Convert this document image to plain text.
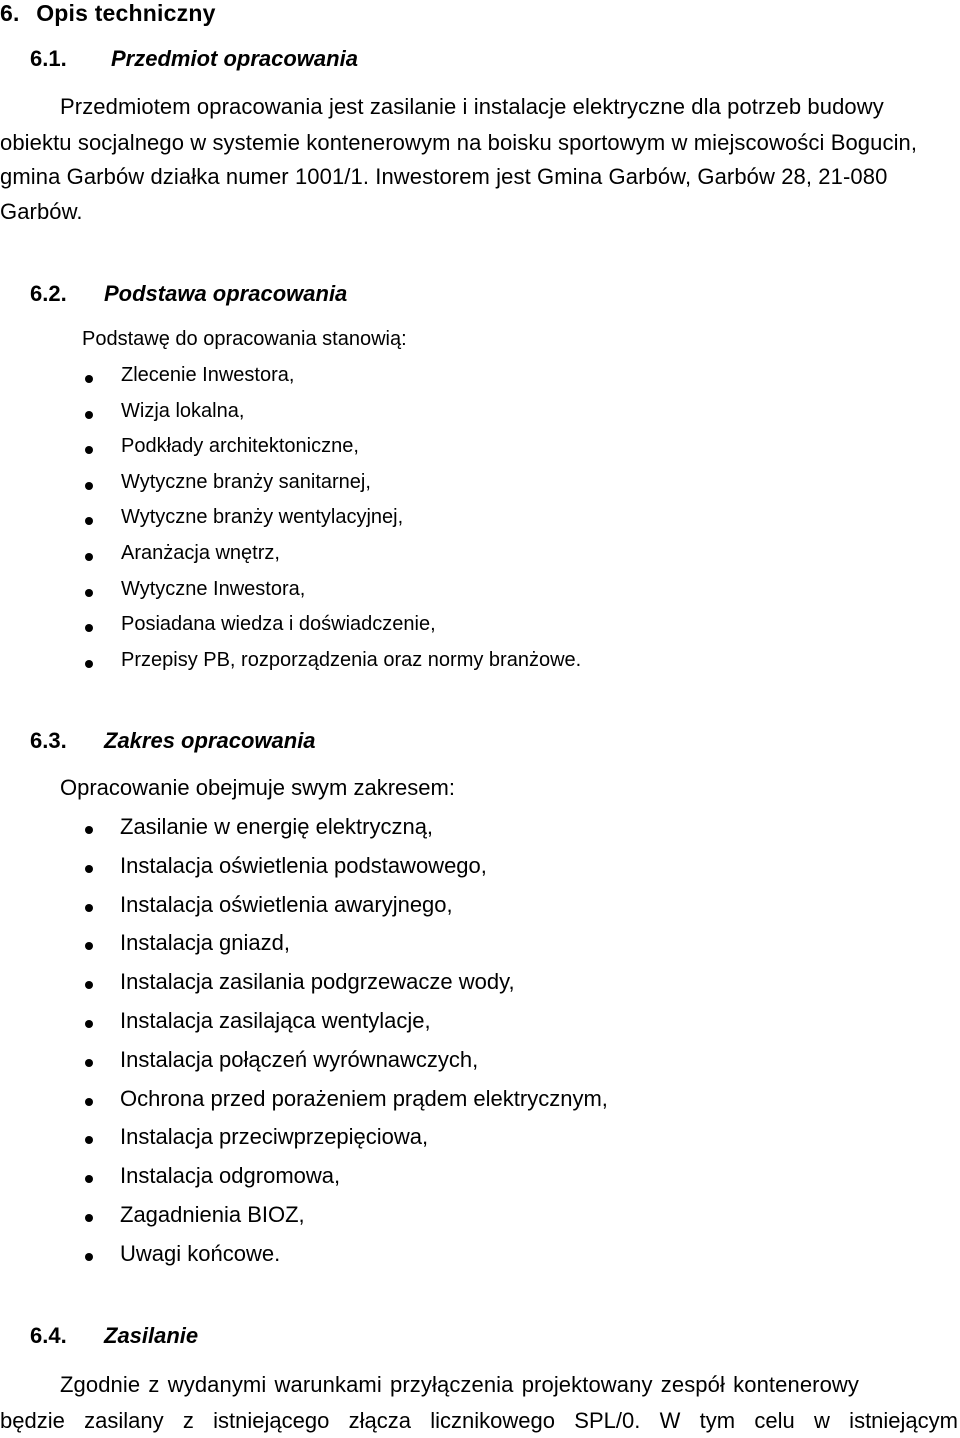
6. Opis techniczny
6.1. Przedmiot opracowania
Przedmiotem opracowania jest zasilanie i instalacje elektryczne dla potrzeb budowy
obiektu socjalnego w systemie kontenerowym na boisku sportowym w miejscowości Bogucin,
gmina Garbów działka numer 1001/1. Inwestorem jest Gmina Garbów, Garbów 28, 21-080
Garbów.
6.2. Podstawa opracowania
Podstawę do opracowania stanowią:
Zlecenie Inwestora,
Wizja lokalna,
Podkłady architektoniczne,
Wytyczne branży sanitarnej,
Wytyczne branży wentylacyjnej,
Aranżacja wnętrz,
Wytyczne Inwestora,
Posiadana wiedza i doświadczenie,
Przepisy PB, rozporządzenia oraz normy branżowe.
6.3. Zakres opracowania
Opracowanie obejmuje swym zakresem:
Zasilanie w energię elektryczną,
Instalacja oświetlenia podstawowego,
Instalacja oświetlenia awaryjnego,
Instalacja gniazd,
Instalacja zasilania podgrzewacze wody,
Instalacja zasilająca wentylacje,
Instalacja połączeń wyrównawczych,
Ochrona przed porażeniem prądem elektrycznym,
Instalacja przeciwprzepięciowa,
Instalacja odgromowa,
Zagadnienia BIOZ,
Uwagi końcowe.
6.4. Zasilanie
Zgodnie z wydanymi warunkami przyłączenia projektowany zespół kontenerowy
będzie zasilany z istniejącego złącza licznikowego SPL/0. W tym celu w istniejącym
